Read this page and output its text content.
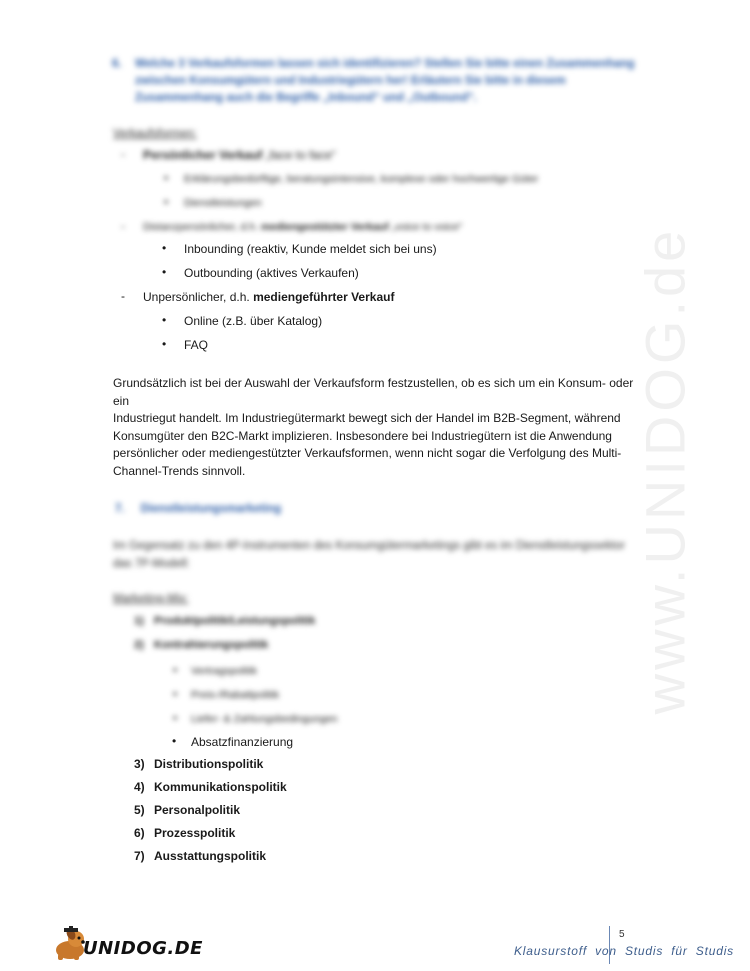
6. Welche 3 Verkaufsformen lassen sich identifizieren? Stellen Sie bitte einen Zusammenhang zwischen Konsumgütern und Industriegütern her! Erläutern Sie bitte in diesem Zusammenhang auch die Begriffe „Inbound“ und „Outbound“.
Verkaufsformen:
- Persönlicher Verkauf „face to face“
• Erklärungsbedürftige, beratungsintensive, komplexe oder hochwertige Güter
• Dienstleistungen
- Distanzpersönlicher, d.h. mediengestützter Verkauf „voice to voice“
• Inbounding (reaktiv, Kunde meldet sich bei uns)
• Outbounding (aktives Verkaufen)
- Unpersönlicher, d.h. mediengeführter Verkauf
• Online (z.B. über Katalog)
• FAQ

Grundsätzlich ist bei der Auswahl der Verkaufsform festzustellen, ob es sich um ein Konsum- oder ein

Industriegut handelt. Im Industriegütermarkt bewegt sich der Handel im B2B-Segment, während

Konsumgüter den B2C-Markt implizieren. Insbesondere bei Industriegütern ist die Anwendung

persönlicher oder mediengestützter Verkaufsformen, wenn nicht sogar die Verfolgung des Multi-

Channel-Trends sinnvoll.

7. Dienstleistungsmarketing
Im Gegensatz zu den 4P-Instrumenten des Konsumgütermarketings gibt es im Dienstleistungssektor
das 7P-Modell:
Marketing-Mix:
1) Produktpolitik/Leistungspolitik
2) Kontrahierungspolitik
• Vertragspolitik
• Preis-/Rabattpolitik
• Liefer- & Zahlungsbedingungen
• Absatzfinanzierung
3) Distributionspolitik
4) Kommunikationspolitik
5) Personalpolitik
6) Prozesspolitik
7) Ausstattungspolitik
www.UNIDOG.de
UNIDOG.DE
5
Klausurstoff von Studis für Studis
